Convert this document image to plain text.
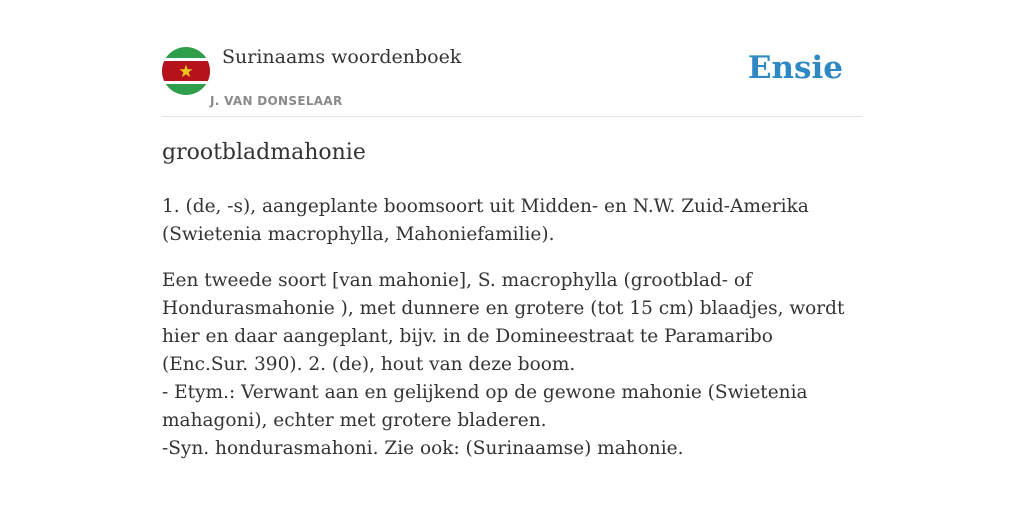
Surinaams woordenboek
J. VAN DONSELAAR
Ensie
grootbladmahonie

1. (de, -s), aangeplante boomsoort uit Midden- en N.W. Zuid-Amerika (Swietenia macrophylla, Mahoniefamilie).

Een tweede soort [van mahonie], S. macrophylla (grootblad- of Hondurasmahonie ), met dunnere en grotere (tot 15 cm) blaadjes, wordt hier en daar aangeplant, bijv. in de Domineestraat te Paramaribo (Enc.Sur. 390). 2. (de), hout van deze boom.
- Etym.: Verwant aan en gelijkend op de gewone mahonie (Swietenia mahagoni), echter met grotere bladeren.
-Syn. hondurasmahoni. Zie ook: (Surinaamse) mahonie.
